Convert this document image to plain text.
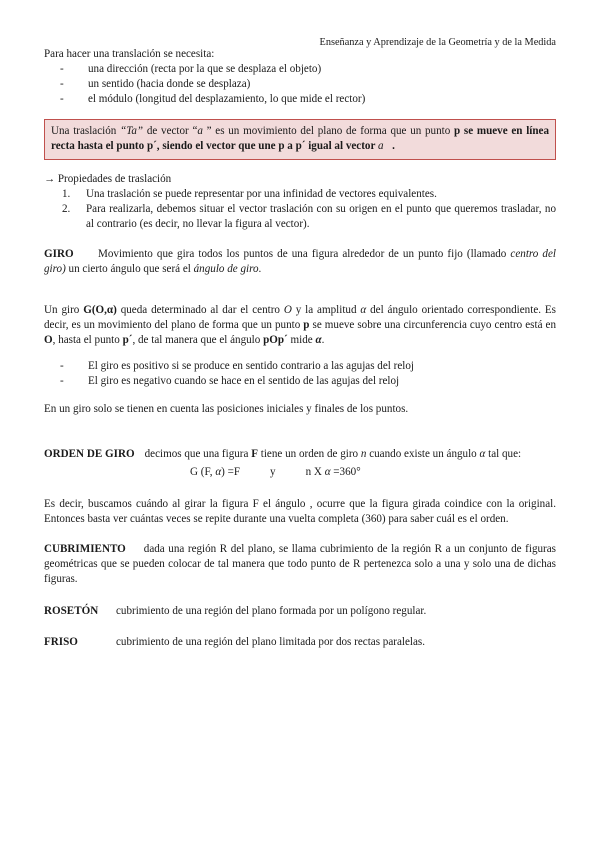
Enseñanza y Aprendizaje de la Geometría y de la Medida

Para hacer una translación se necesita:

- una dirección (recta por la que se desplaza el objeto)
- un sentido (hacia donde se desplaza)
- el módulo (longitud del desplazamiento, lo que mide el rector)

Una traslación “Ta” de vector “a ” es un movimiento del plano de forma que un punto p se mueve en línea recta hasta el punto p´, siendo el vector que une p a p´ igual al vector a⃗.

→ Propiedades de traslación

1. Una traslación se puede representar por una infinidad de vectores equivalentes.
2. Para realizarla, debemos situar el vector traslación con su origen en el punto que queremos trasladar, no al contrario (es decir, no llevar la figura al vector).

GIRO Movimiento que gira todos los puntos de una figura alrededor de un punto fijo (llamado centro del giro) un cierto ángulo que será el ángulo de giro.

Un giro G(O,α) queda determinado al dar el centro O y la amplitud α del ángulo orientado correspondiente. Es decir, es un movimiento del plano de forma que un punto p se mueve sobre una circunferencia cuyo centro está en O, hasta el punto p´, de tal manera que el ángulo pOp´ mide α.

- El giro es positivo si se produce en sentido contrario a las agujas del reloj
- El giro es negativo cuando se hace en el sentido de las agujas del reloj

En un giro solo se tienen en cuenta las posiciones iniciales y finales de los puntos.

ORDEN DE GIRO decimos que una figura F tiene un orden de giro n cuando existe un ángulo α tal que:

G (F, α) =F	y	n X α =360°

Es decir, buscamos cuándo al girar la figura F el ángulo , ocurre que la figura girada coindice con la original. Entonces basta ver cuántas veces se repite durante una vuelta completa (360) para saber cuál es el orden.

CUBRIMIENTO dada una región R del plano, se llama cubrimiento de la región R a un conjunto de figuras geométricas que se pueden colocar de tal manera que todo punto de R pertenezca solo a una y solo una de dichas figuras.

ROSETÓN cubrimiento de una región del plano formada por un polígono regular.

FRISO	cubrimiento de una región del plano limitada por dos rectas paralelas.
